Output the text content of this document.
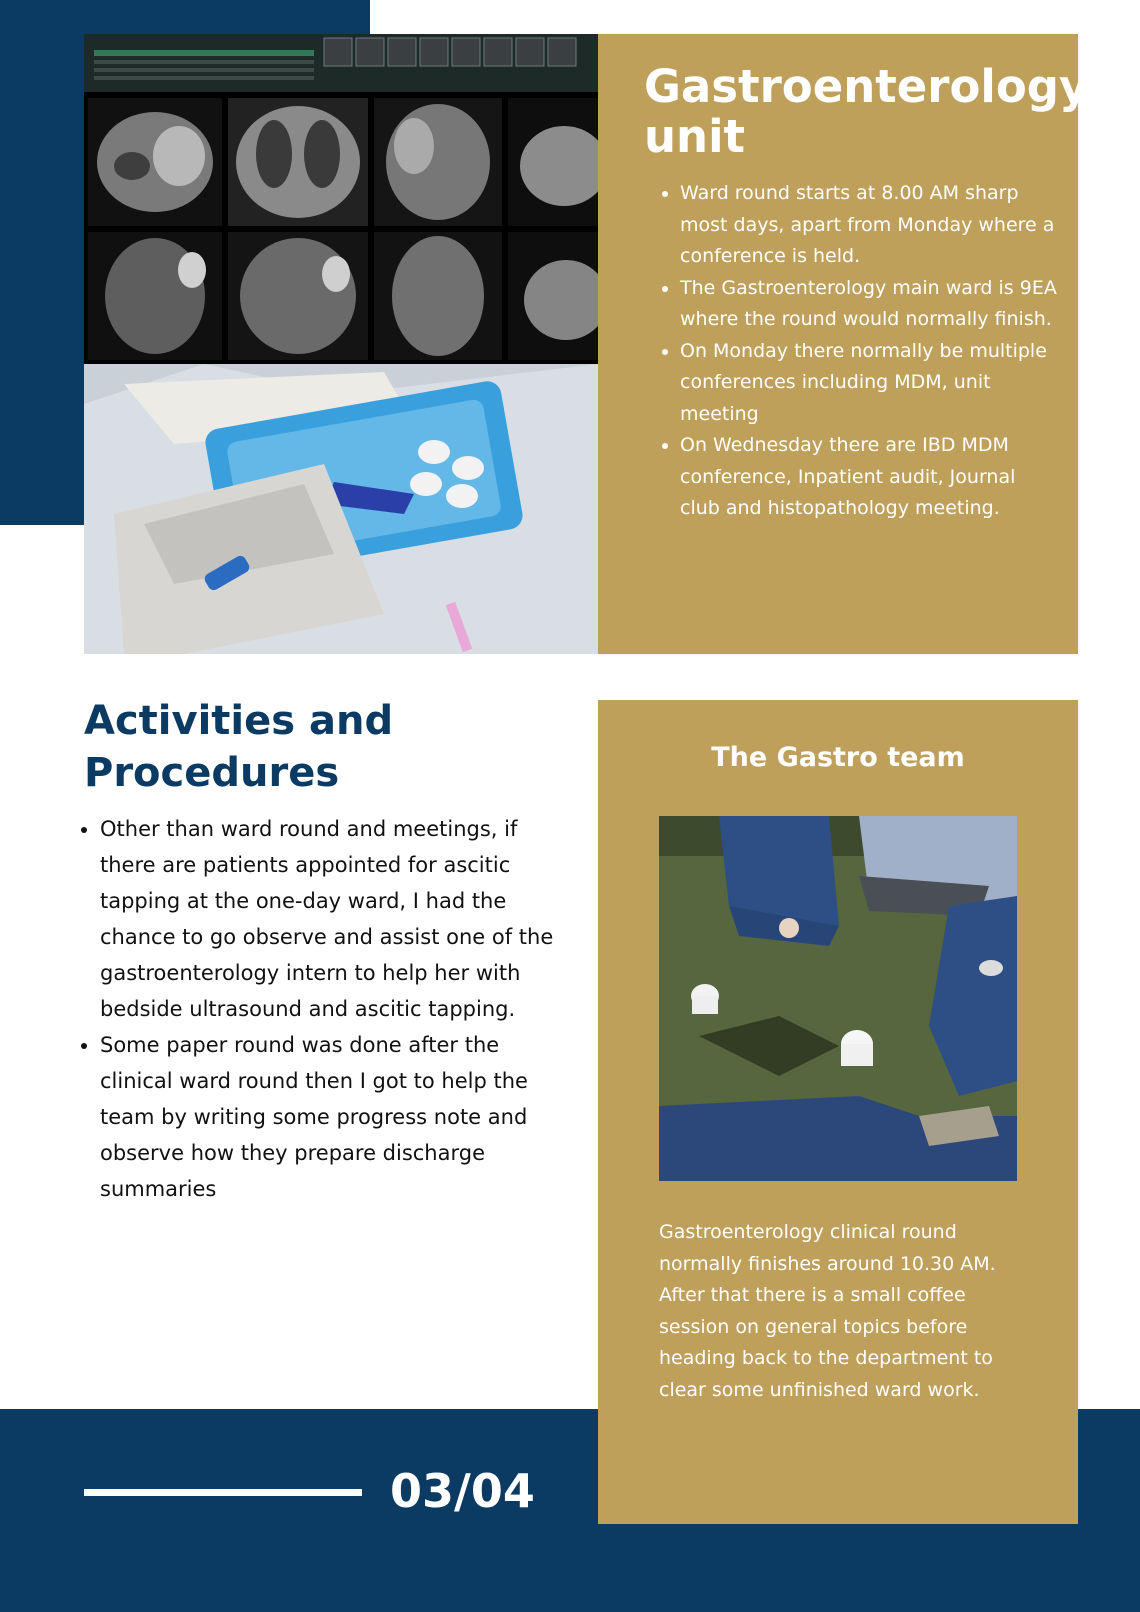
Gastroenterology unit
• Ward round starts at 8.00 AM sharp most days, apart from Monday where a conference is held.
• The Gastroenterology main ward is 9EA where the round would normally finish.
• On Monday there normally be multiple conferences including MDM, unit meeting
• On Wednesday there are IBD MDM conference, Inpatient audit, Journal club and histopathology meeting.
Activities and Procedures
• Other than ward round and meetings, if there are patients appointed for ascitic tapping at the one-day ward, I had the chance to go observe and assist one of the gastroenterology intern to help her with bedside ultrasound and ascitic tapping.
• Some paper round was done after the clinical ward round then I got to help the team by writing some progress note and observe how they prepare discharge summaries
The Gastro team

Gastroenterology clinical round normally finishes around 10.30 AM. After that there is a small coffee session on general topics before heading back to the department to clear some unfinished ward work.

03/04
